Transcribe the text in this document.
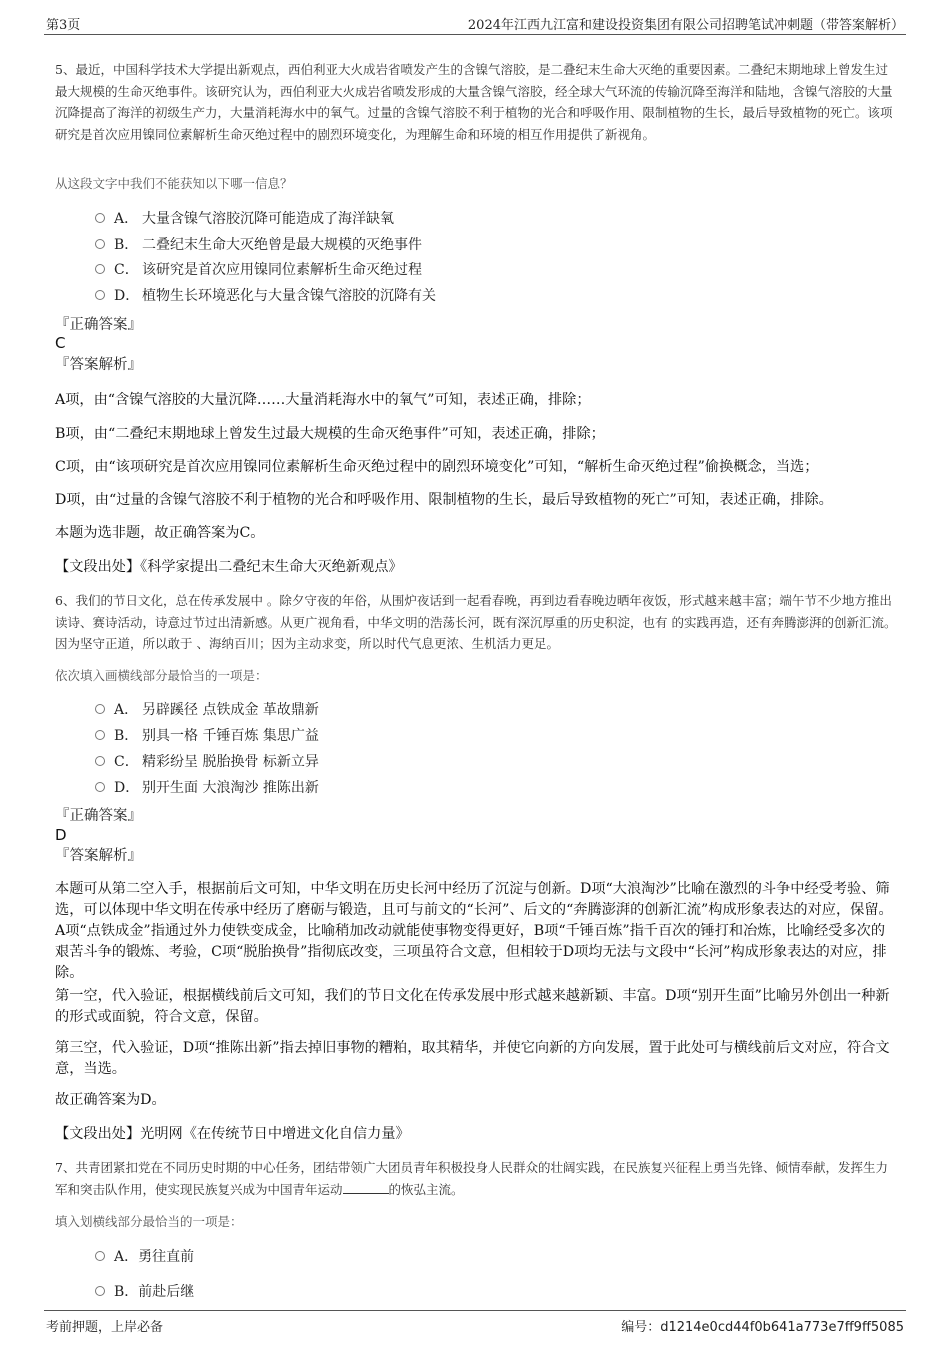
第3页	2024年江西九江富和建设投资集团有限公司招聘笔试冲刺题（带答案解析）

5、最近，中国科学技术大学提出新观点，西伯利亚大火成岩省喷发产生的含镍气溶胶，是二叠纪末生命大灭绝的重要因素。二叠纪末期地球上曾发生过最大规模的生命灭绝事件。该研究认为，西伯利亚大火成岩省喷发形成的大量含镍气溶胶，经全球大气环流的传输沉降至海洋和陆地，含镍气溶胶的大量沉降提高了海洋的初级生产力，大量消耗海水中的氧气。过量的含镍气溶胶不利于植物的光合和呼吸作用、限制植物的生长，最后导致植物的死亡。该项研究是首次应用镍同位素解析生命灭绝过程中的剧烈环境变化，为理解生命和环境的相互作用提供了新视角。

从这段文字中我们不能获知以下哪一信息？

A． 大量含镍气溶胶沉降可能造成了海洋缺氧
B． 二叠纪末生命大灭绝曾是最大规模的灭绝事件
C． 该研究是首次应用镍同位素解析生命灭绝过程
D． 植物生长环境恶化与大量含镍气溶胶的沉降有关
『正确答案』
C
『答案解析』

A项，由“含镍气溶胶的大量沉降……大量消耗海水中的氧气”可知，表述正确，排除；

B项，由“二叠纪末期地球上曾发生过最大规模的生命灭绝事件”可知，表述正确，排除；

C项，由“该项研究是首次应用镍同位素解析生命灭绝过程中的剧烈环境变化”可知，“解析生命灭绝过程”偷换概念，当选；

D项，由“过量的含镍气溶胶不利于植物的光合和呼吸作用、限制植物的生长，最后导致植物的死亡”可知，表述正确，排除。

本题为选非题，故正确答案为C。

【文段出处】《科学家提出二叠纪末生命大灭绝新观点》

6、我们的节日文化，总在传承发展中 。除夕守夜的年俗，从围炉夜话到一起看春晚，再到边看春晚边晒年夜饭，形式越来越丰富；端午节不少地方推出读诗、赛诗活动，诗意过节过出清新感。从更广视角看，中华文明的浩荡长河，既有深沉厚重的历史积淀，也有 的实践再造，还有奔腾澎湃的创新汇流。因为坚守正道，所以敢于 、海纳百川；因为主动求变，所以时代气息更浓、生机活力更足。

依次填入画横线部分最恰当的一项是：

A． 另辟蹊径 点铁成金 革故鼎新
B． 别具一格 千锤百炼 集思广益
C． 精彩纷呈 脱胎换骨 标新立异
D． 别开生面 大浪淘沙 推陈出新
『正确答案』
D
『答案解析』

本题可从第二空入手，根据前后文可知，中华文明在历史长河中经历了沉淀与创新。D项“大浪淘沙”比喻在激烈的斗争中经受考验、筛选，可以体现中华文明在传承中经历了磨砺与锻造，且可与前文的“长河”、后文的“奔腾澎湃的创新汇流”构成形象表达的对应，保留。A项“点铁成金”指通过外力使铁变成金，比喻稍加改动就能使事物变得更好，B项“千锤百炼”指千百次的锤打和冶炼，比喻经受多次的艰苦斗争的锻炼、考验，C项“脱胎换骨”指彻底改变，三项虽符合文意，但相较于D项均无法与文段中“长河”构成形象表达的对应，排除。

第一空，代入验证，根据横线前后文可知，我们的节日文化在传承发展中形式越来越新颖、丰富。D项“别开生面”比喻另外创出一种新的形式或面貌，符合文意，保留。

第三空，代入验证，D项“推陈出新”指去掉旧事物的糟粕，取其精华，并使它向新的方向发展，置于此处可与横线前后文对应，符合文意，当选。

故正确答案为D。

【文段出处】光明网《在传统节日中增进文化自信力量》

7、共青团紧扣党在不同历史时期的中心任务，团结带领广大团员青年积极投身人民群众的壮阔实践，在民族复兴征程上勇当先锋、倾情奉献，发挥生力军和突击队作用，使实现民族复兴成为中国青年运动	的恢弘主流。

填入划横线部分最恰当的一项是：

A．勇往直前
B．前赴后继
考前押题，上岸必备	编号：d1214e0cd44f0b641a773e7ff9ff5085
